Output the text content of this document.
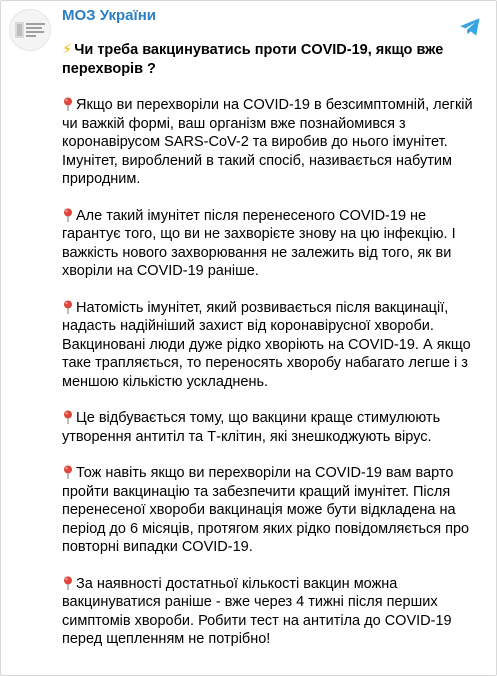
МОЗ України
⚡ Чи треба вакцинуватись проти COVID-19, якщо вже перехворів ?
Якщо ви перехворіли на COVID-19 в безсимптомній, легкій чи важкій формі, ваш організм вже познайомився з коронавірусом SARS-CoV-2 та виробив до нього імунітет. Імунітет, вироблений в такий спосіб, називається набутим природним.
Але такий імунітет після перенесеного COVID-19 не гарантує того, що ви не захворієте знову на цю інфекцію. І важкість нового захворювання не залежить від того, як ви хворіли на COVID-19 раніше.
Натомість імунітет, який розвивається після вакцинації, надасть надійніший захист від коронавірусної хвороби. Вакциновані люди дуже рідко хворіють на COVID-19. А якщо таке трапляється, то переносять хворобу набагато легше і з меншою кількістю ускладнень.
Це відбувається тому, що вакцини краще стимулюють утворення антитіл та Т-клітин, які знешкоджують вірус.
Тож навіть якщо ви перехворіли на COVID-19 вам варто пройти вакцинацію та забезпечити кращий імунітет. Після перенесеної хвороби вакцинація може бути відкладена на період до 6 місяців, протягом яких рідко повідомляється про повторні випадки COVID-19.
За наявності достатньої кількості вакцин можна вакцинуватися раніше - вже через 4 тижні після перших симптомів хвороби. Робити тест на антитіла до COVID-19 перед щепленням не потрібно!
